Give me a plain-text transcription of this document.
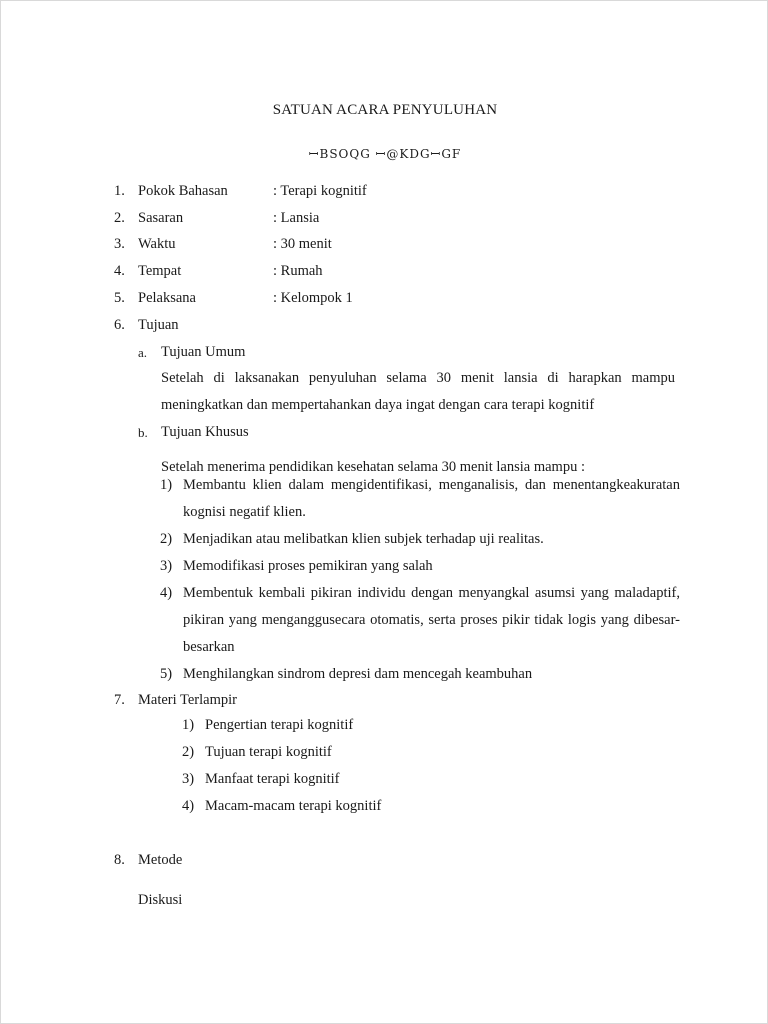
SATUAN ACARA PENYULUHAN
ꟷBSOQG ꟷ@KDGꟷGF
1. Pokok Bahasan	: Terapi kognitif
2. Sasaran	: Lansia
3. Waktu	: 30 menit
4. Tempat	: Rumah
5. Pelaksana	: Kelompok 1
6. Tujuan
a. Tujuan Umum
Setelah di laksanakan penyuluhan selama 30 menit lansia di harapkan mampu meningkatkan dan mempertahankan daya ingat dengan cara terapi kognitif
b. Tujuan Khusus
Setelah menerima pendidikan kesehatan selama 30 menit lansia mampu :
1) Membantu klien dalam mengidentifikasi, menganalisis, dan menentangkeakuratan kognisi negatif klien.
2) Menjadikan atau melibatkan klien subjek terhadap uji realitas.
3) Memodifikasi proses pemikiran yang salah
4) Membentuk kembali pikiran individu dengan menyangkal asumsi yang maladaptif, pikiran yang menganggusecara otomatis, serta proses pikir tidak logis yang dibesar-besarkan
5) Menghilangkan sindrom depresi dam mencegah keambuhan
7. Materi Terlampir
1) Pengertian terapi kognitif
2) Tujuan terapi kognitif
3) Manfaat terapi kognitif
4) Macam-macam terapi kognitif
8. Metode
Diskusi
